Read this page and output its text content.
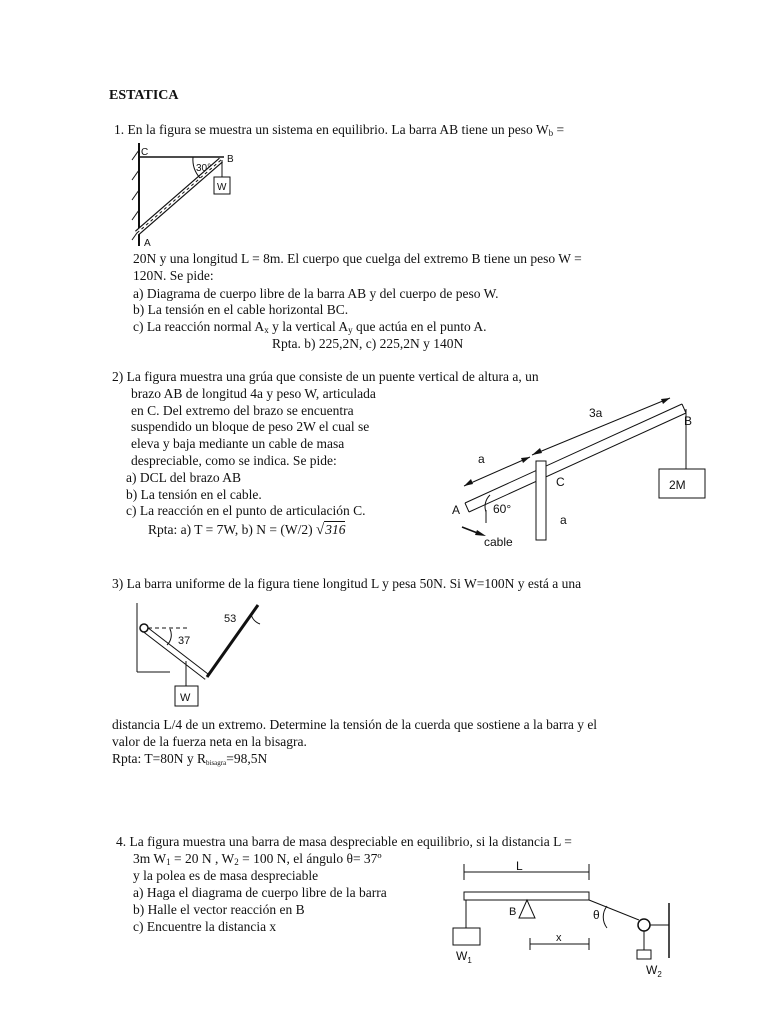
ESTATICA

1. En la figura se muestra un sistema en equilibrio. La barra AB tiene un peso $W_b$ =

C
B
A
30°
W

20N y una longitud L = 8m. El cuerpo que cuelga del extremo B tiene un peso W =

120N. Se pide:

a) Diagrama de cuerpo libre de la barra AB y del cuerpo de peso W.

b) La tensión en el cable horizontal BC.

c) La reacción normal $A_x$ y la vertical $A_y$ que actúa en el punto A.

Rpta. b) 225,2N, c) 225,2N y 140N

2) La figura muestra una grúa que consiste de un puente vertical de altura a, un

brazo AB de longitud 4a y peso W, articulada

en C. Del extremo del brazo se encuentra

suspendido un bloque de peso 2W el cual se

eleva y baja mediante un cable de masa

despreciable, como se indica. Se pide:

a) DCL del brazo AB

b) La tensión en el cable.

c) La reacción en el punto de articulación C.

Rpta: a) T = 7W, b) N = (W/2) √316

3a
a
B
C
A	60°
a
2M
cable

3) La barra uniforme de la figura tiene longitud L y pesa 50N. Si W=100N y está a una

53
37
W

distancia L/4 de un extremo. Determine la tensión de la cuerda que sostiene a la barra y el

valor de la fuerza neta en la bisagra.

Rpta: T=80N y $R_{bisagra}=98,5N$

4. La figura muestra una barra de masa despreciable en equilibrio, si la distancia L =

3m $W_1 = 20$ N , $W_2 = 100$ N, el ángulo θ= 37º

y la polea es de masa despreciable

a) Haga el diagrama de cuerpo libre de la barra

b) Halle el vector reacción en B

c) Encuentre la distancia x

L
B	θ
x
$W_1$
$W_2$
